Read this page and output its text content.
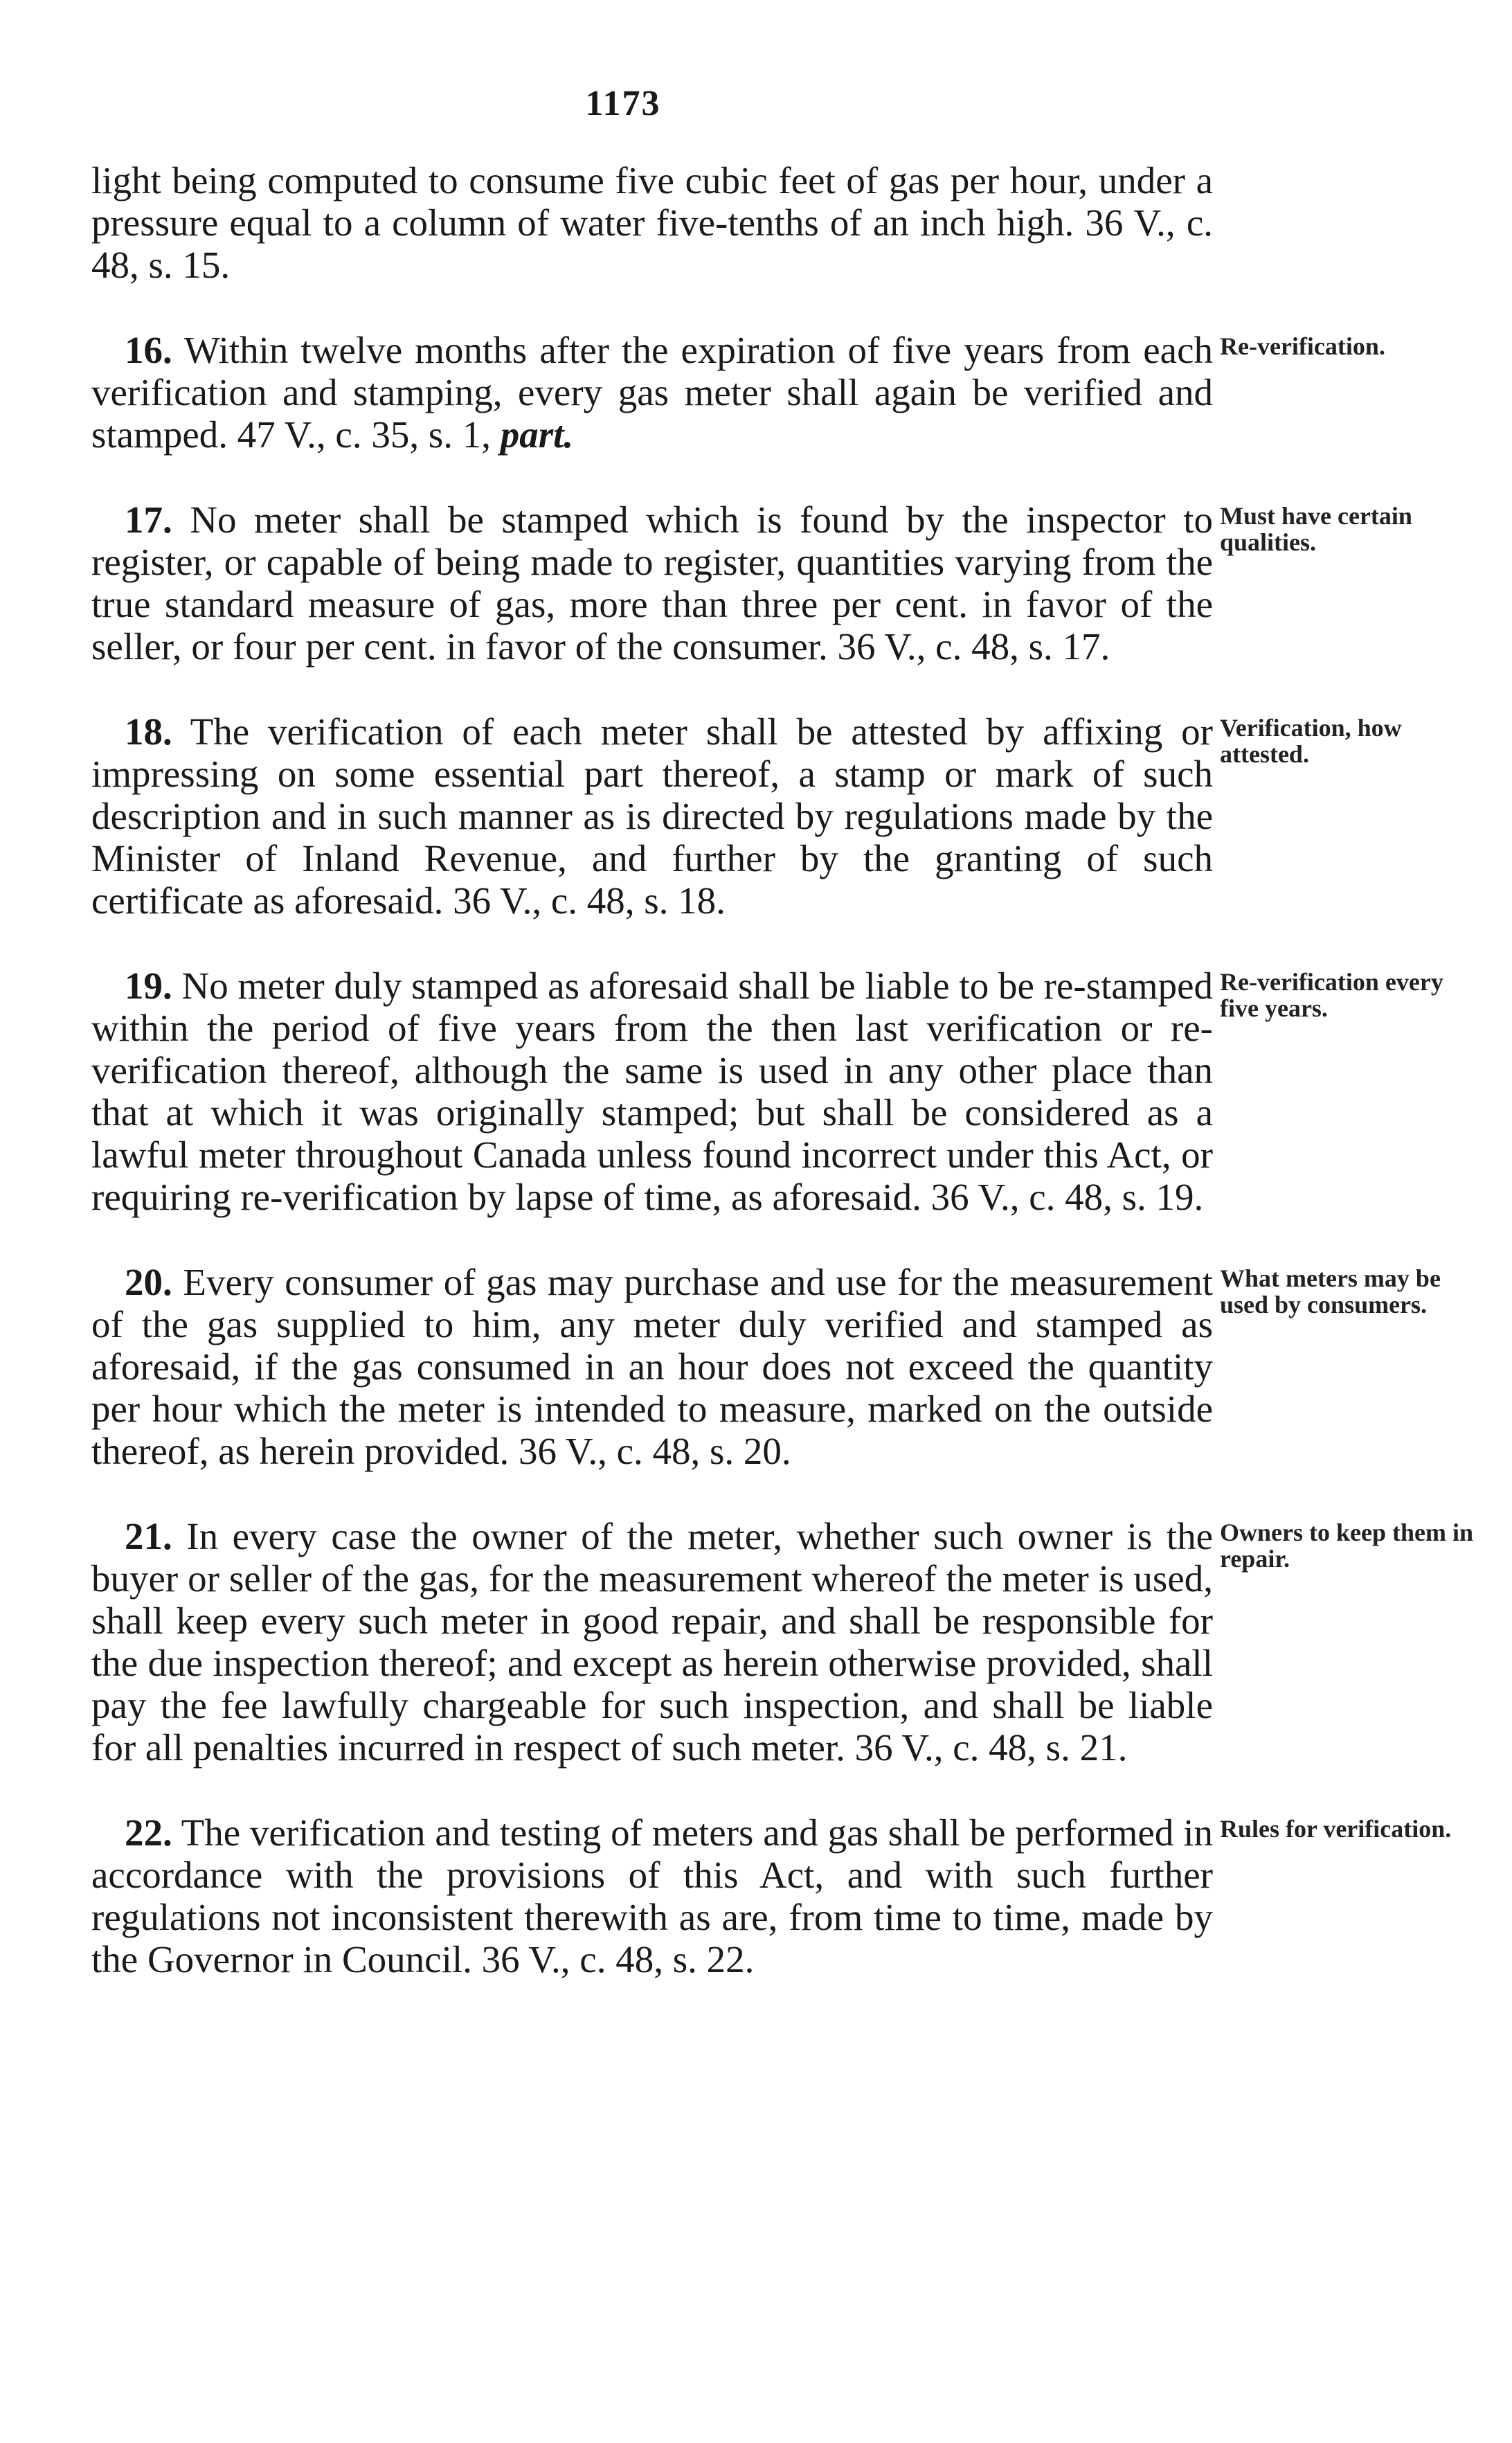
1173

light being computed to consume five cubic feet of gas per hour, under a pressure equal to a column of water five-tenths of an inch high. 36 V., c. 48, s. 15.

16. Within twelve months after the expiration of five years from each verification and stamping, every gas meter shall again be verified and stamped. 47 V., c. 35, s. 1, part.

Re-verification.

17. No meter shall be stamped which is found by the inspector to register, or capable of being made to register, quantities varying from the true standard measure of gas, more than three per cent. in favor of the seller, or four per cent. in favor of the consumer. 36 V., c. 48, s. 17.

Must have certain qualities.

18. The verification of each meter shall be attested by affixing or impressing on some essential part thereof, a stamp or mark of such description and in such manner as is directed by regulations made by the Minister of Inland Revenue, and further by the granting of such certificate as aforesaid. 36 V., c. 48, s. 18.

Verification, how attested.

19. No meter duly stamped as aforesaid shall be liable to be re-stamped within the period of five years from the then last verification or re-verification thereof, although the same is used in any other place than that at which it was originally stamped; but shall be considered as a lawful meter throughout Canada unless found incorrect under this Act, or requiring re-verification by lapse of time, as aforesaid. 36 V., c. 48, s. 19.

Re-verification every five years.

20. Every consumer of gas may purchase and use for the measurement of the gas supplied to him, any meter duly verified and stamped as aforesaid, if the gas consumed in an hour does not exceed the quantity per hour which the meter is intended to measure, marked on the outside thereof, as herein provided. 36 V., c. 48, s. 20.

What meters may be used by consumers.

21. In every case the owner of the meter, whether such owner is the buyer or seller of the gas, for the measurement whereof the meter is used, shall keep every such meter in good repair, and shall be responsible for the due inspection thereof; and except as herein otherwise provided, shall pay the fee lawfully chargeable for such inspection, and shall be liable for all penalties incurred in respect of such meter. 36 V., c. 48, s. 21.

Owners to keep them in repair.

22. The verification and testing of meters and gas shall be performed in accordance with the provisions of this Act, and with such further regulations not inconsistent therewith as are, from time to time, made by the Governor in Council. 36 V., c. 48, s. 22.

Rules for verification.
